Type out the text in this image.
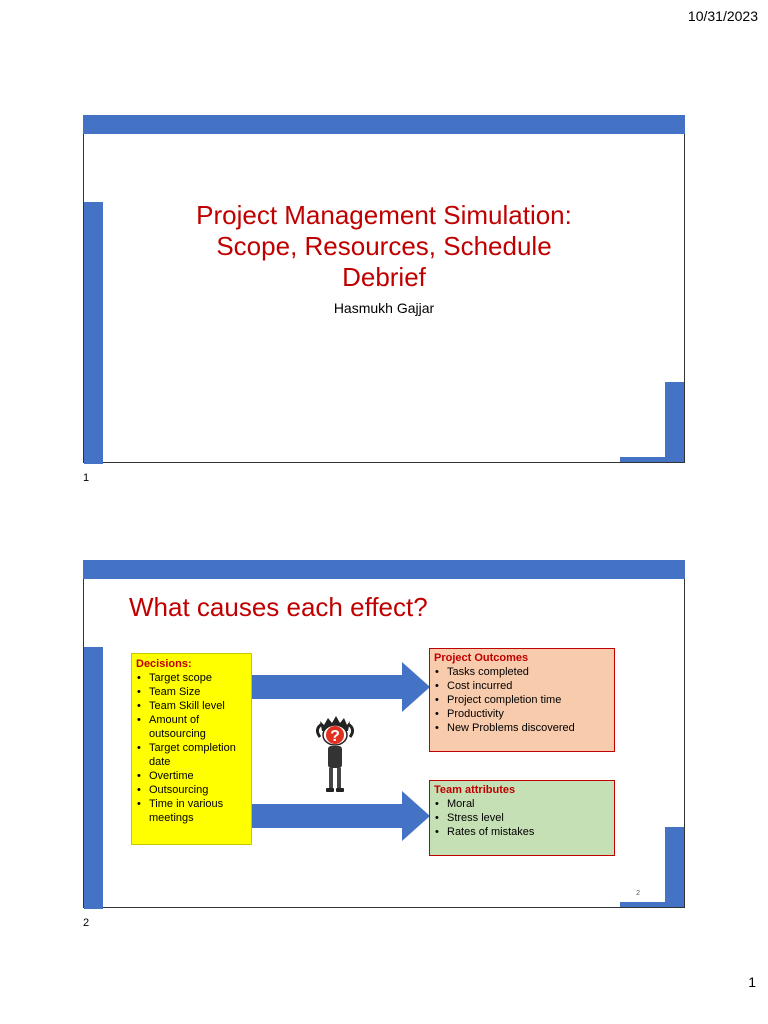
10/31/2023
Project Management Simulation:
Scope, Resources, Schedule
Debrief
Hasmukh Gajjar
1
What causes each effect?
Decisions:
• Target scope
• Team Size
• Team Skill level
• Amount of outsourcing
• Target completion date
• Overtime
• Outsourcing
• Time in various meetings
?
Project Outcomes
• Tasks completed
• Cost incurred
• Project completion time
• Productivity
• New Problems discovered
Team attributes
• Moral
• Stress level
• Rates of mistakes
2
2
1
